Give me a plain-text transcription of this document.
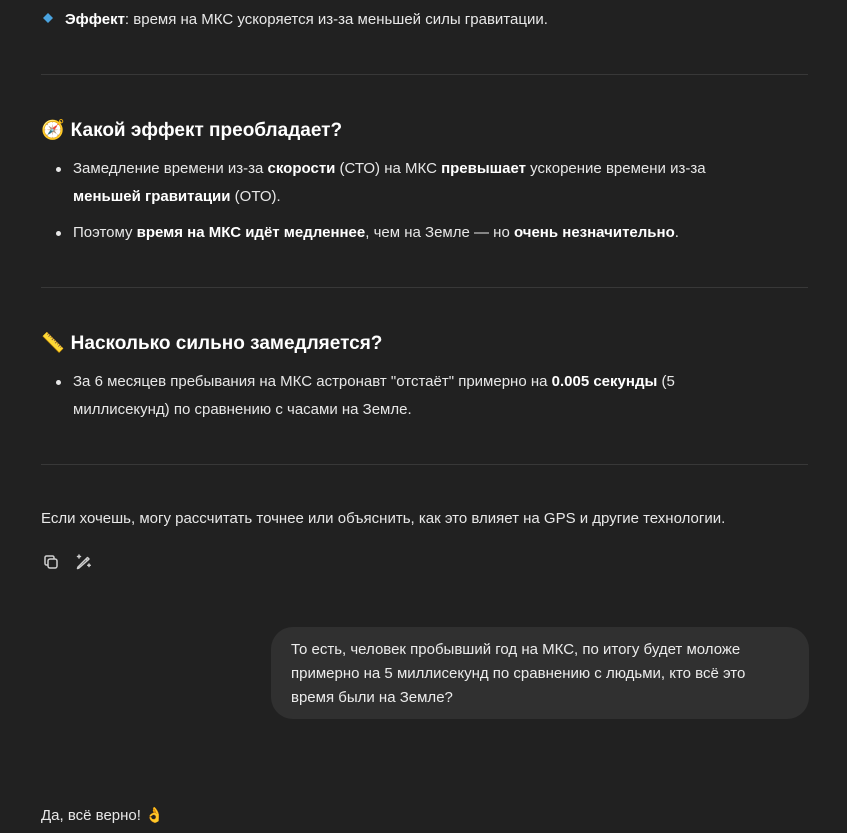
Эффект: время на МКС ускоряется из-за меньшей силы гравитации.
🧭 Какой эффект преобладает?
Замедление времени из-за скорости (СТО) на МКС превышает ускорение времени из-за
меньшей гравитации (ОТО).
Поэтому время на МКС идёт медленнее, чем на Земле — но очень незначительно.
📏 Насколько сильно замедляется?
За 6 месяцев пребывания на МКС астронавт "отстаёт" примерно на 0.005 секунды (5
миллисекунд) по сравнению с часами на Земле.
Если хочешь, могу рассчитать точнее или объяснить, как это влияет на GPS и другие технологии.
То есть, человек пробывший год на МКС, по итогу будет моложе
примерно на 5 миллисекунд по сравнению с людьми, кто всё это
время были на Земле?
Да, всё верно! 👌
